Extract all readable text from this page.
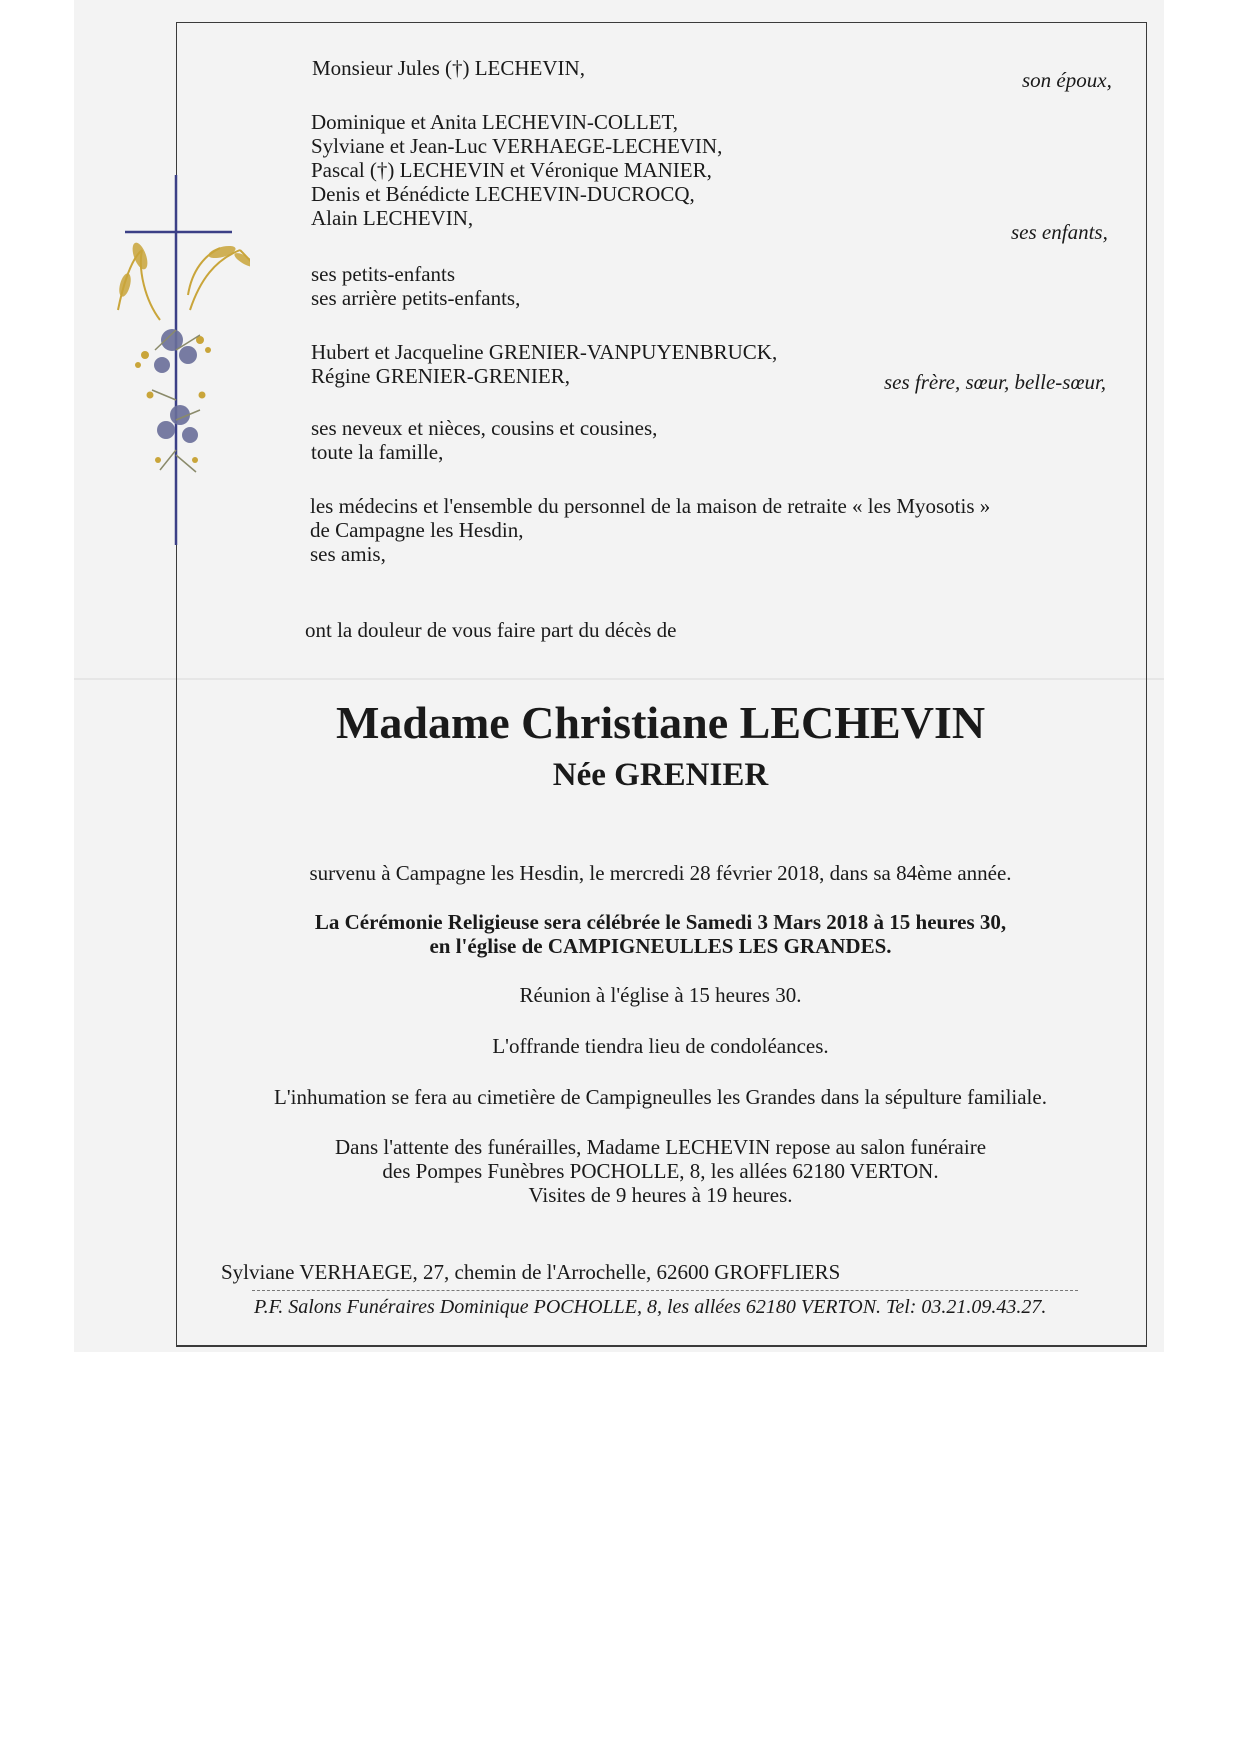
Monsieur Jules (†) LECHEVIN,	son époux,
Dominique et Anita LECHEVIN-COLLET,
Sylviane et Jean-Luc VERHAEGE-LECHEVIN,
Pascal (†) LECHEVIN et Véronique MANIER,
Denis et Bénédicte LECHEVIN-DUCROCQ,
Alain LECHEVIN,
ses enfants,
ses petits-enfants
ses arrière petits-enfants,
Hubert et Jacqueline GRENIER-VANPUYENBRUCK,
Régine GRENIER-GRENIER,	ses frère, sœur, belle-sœur,
ses neveux et nièces, cousins et cousines,
toute la famille,
les médecins et l'ensemble du personnel de la maison de retraite « les Myosotis »
de Campagne les Hesdin,
ses amis,
ont la douleur de vous faire part du décès de
Madame Christiane LECHEVIN
Née GRENIER
survenu à Campagne les Hesdin, le mercredi 28 février 2018, dans sa 84ème année.
La Cérémonie Religieuse sera célébrée le Samedi 3 Mars 2018 à 15 heures 30,
en l'église de CAMPIGNEULLES LES GRANDES.
Réunion à l'église à 15 heures 30.
L'offrande tiendra lieu de condoléances.
L'inhumation se fera au cimetière de Campigneulles les Grandes dans la sépulture familiale.
Dans l'attente des funérailles, Madame LECHEVIN repose au salon funéraire
des Pompes Funèbres POCHOLLE, 8, les allées 62180 VERTON.
Visites de 9 heures à 19 heures.
Sylviane VERHAEGE, 27, chemin de l'Arrochelle, 62600 GROFFLIERS
P.F. Salons Funéraires Dominique POCHOLLE, 8, les allées 62180 VERTON. Tel: 03.21.09.43.27.
